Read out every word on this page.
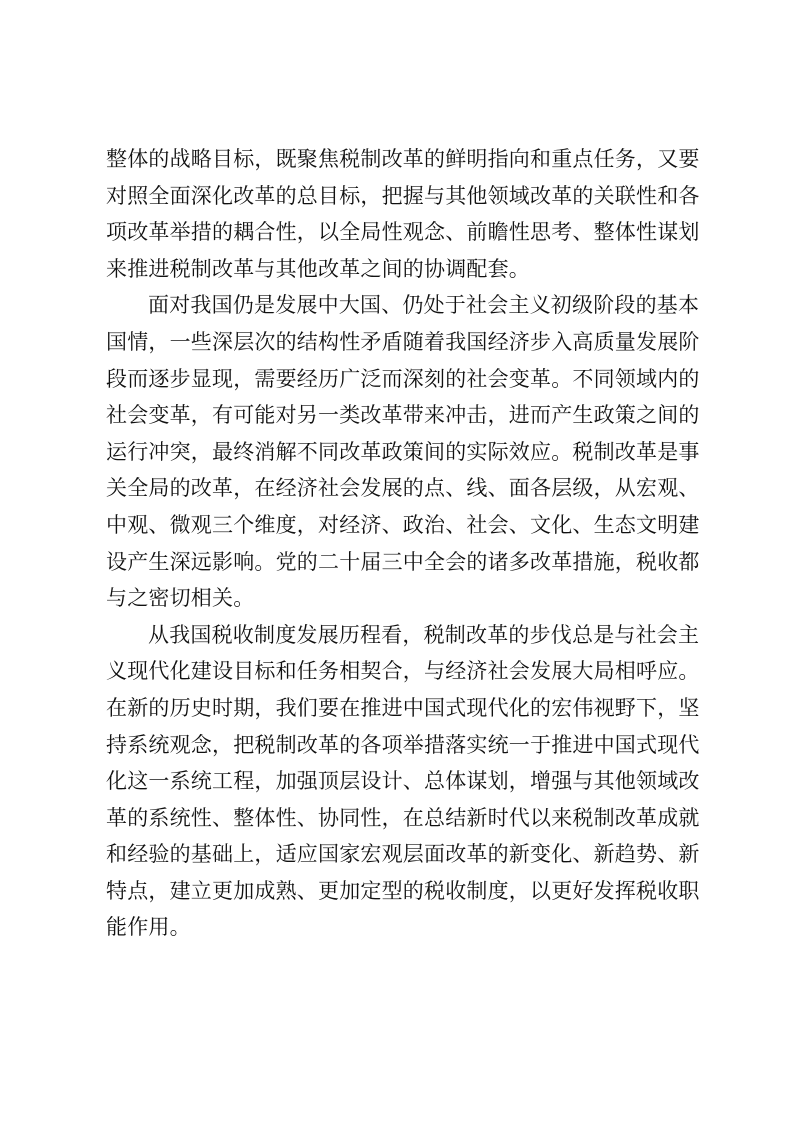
整体的战略目标，既聚焦税制改革的鲜明指向和重点任务，又要
对照全面深化改革的总目标，把握与其他领域改革的关联性和各
项改革举措的耦合性，以全局性观念、前瞻性思考、整体性谋划
来推进税制改革与其他改革之间的协调配套。
面对我国仍是发展中大国、仍处于社会主义初级阶段的基本
国情，一些深层次的结构性矛盾随着我国经济步入高质量发展阶
段而逐步显现，需要经历广泛而深刻的社会变革。不同领域内的
社会变革，有可能对另一类改革带来冲击，进而产生政策之间的
运行冲突，最终消解不同改革政策间的实际效应。税制改革是事
关全局的改革，在经济社会发展的点、线、面各层级，从宏观、
中观、微观三个维度，对经济、政治、社会、文化、生态文明建
设产生深远影响。党的二十届三中全会的诸多改革措施，税收都
与之密切相关。
从我国税收制度发展历程看，税制改革的步伐总是与社会主
义现代化建设目标和任务相契合，与经济社会发展大局相呼应。
在新的历史时期，我们要在推进中国式现代化的宏伟视野下，坚
持系统观念，把税制改革的各项举措落实统一于推进中国式现代
化这一系统工程，加强顶层设计、总体谋划，增强与其他领域改
革的系统性、整体性、协同性，在总结新时代以来税制改革成就
和经验的基础上，适应国家宏观层面改革的新变化、新趋势、新
特点，建立更加成熟、更加定型的税收制度，以更好发挥税收职
能作用。
